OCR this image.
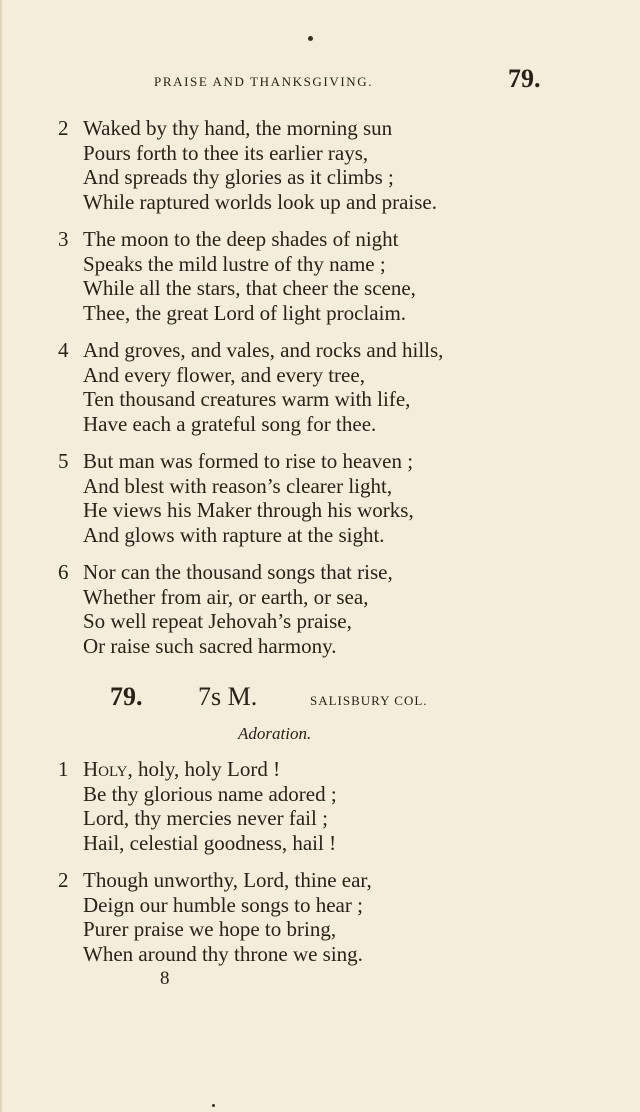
PRAISE AND THANKSGIVING.	79.
2 Waked by thy hand, the morning sun
Pours forth to thee its earlier rays,
And spreads thy glories as it climbs ;
While raptured worlds look up and praise.
3 The moon to the deep shades of night
Speaks the mild lustre of thy name ;
While all the stars, that cheer the scene,
Thee, the great Lord of light proclaim.
4 And groves, and vales, and rocks and hills,
And every flower, and every tree,
Ten thousand creatures warm with life,
Have each a grateful song for thee.
5 But man was formed to rise to heaven ;
And blest with reason’s clearer light,
He views his Maker through his works,
And glows with rapture at the sight.
6 Nor can the thousand songs that rise,
Whether from air, or earth, or sea,
So well repeat Jehovah’s praise,
Or raise such sacred harmony.
79. 7s M.	SALISBURY COL.
Adoration.
1 Holy, holy, holy Lord !
Be thy glorious name adored ;
Lord, thy mercies never fail ;
Hail, celestial goodness, hail !
2 Though unworthy, Lord, thine ear,
Deign our humble songs to hear ;
Purer praise we hope to bring,
When around thy throne we sing.
8
